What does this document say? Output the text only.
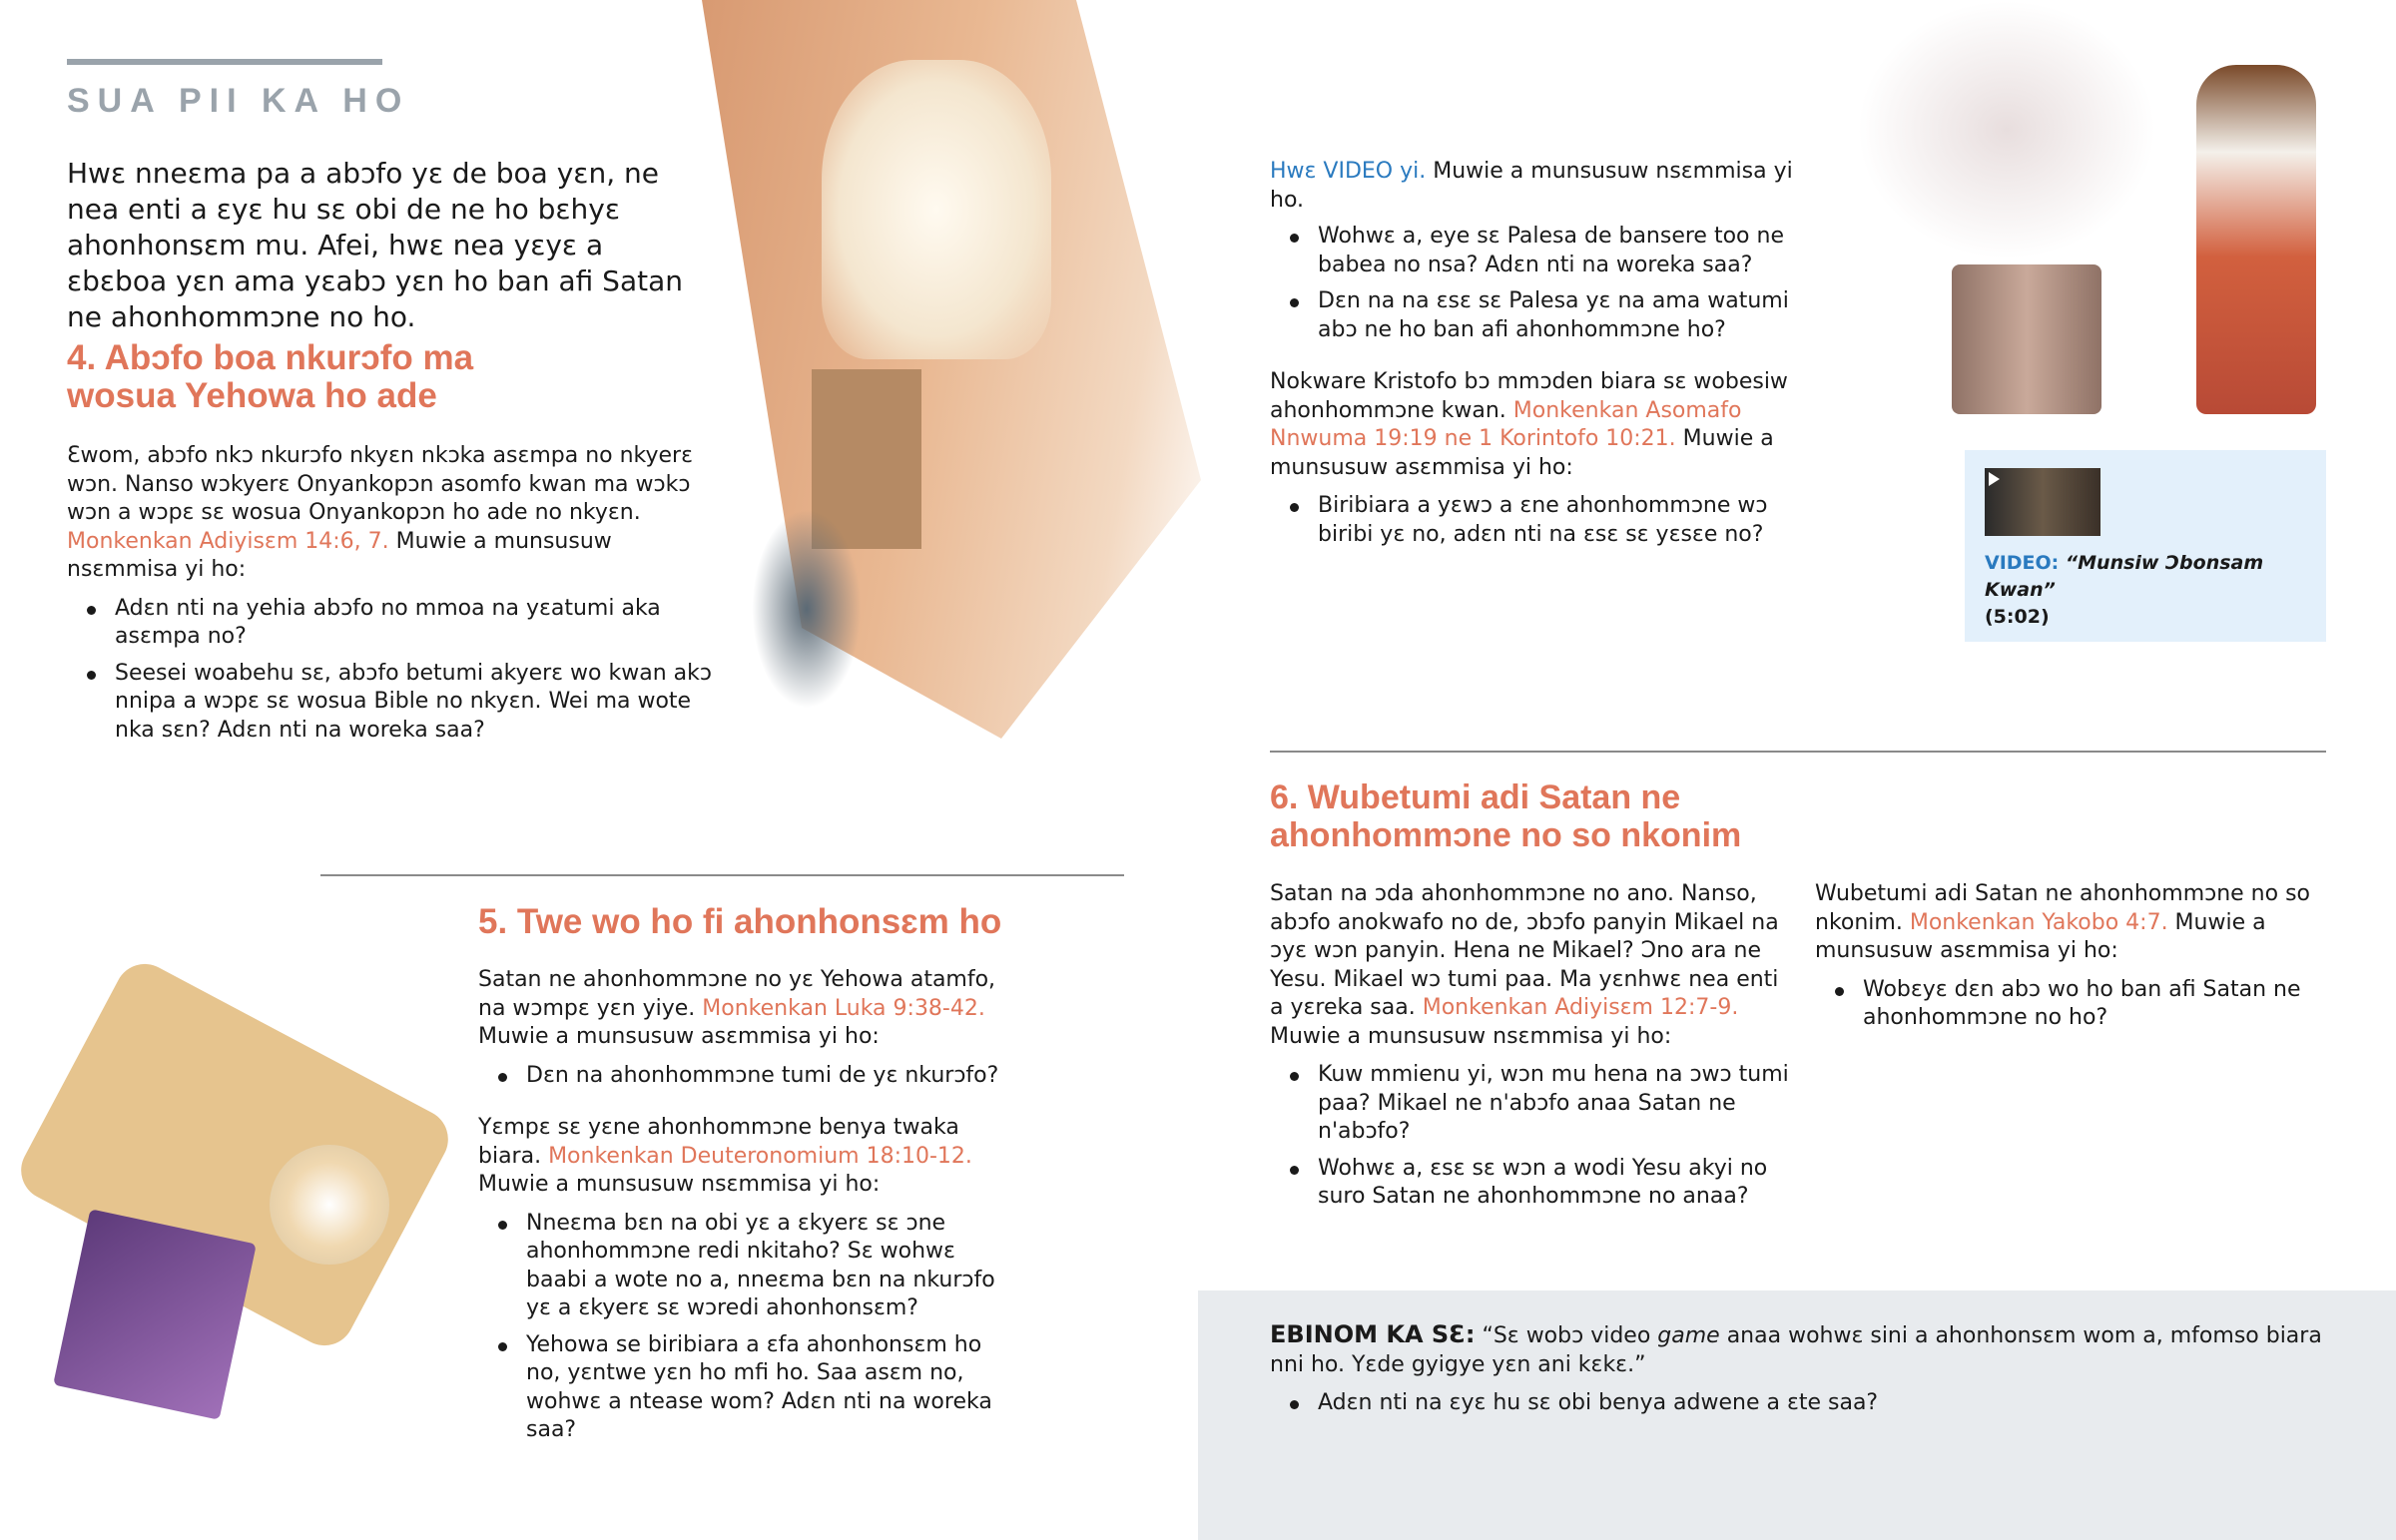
SUA PII KA HO
Hwɛ nneɛma pa a abɔfo yɛ de boa yɛn, ne nea enti a ɛyɛ hu sɛ obi de ne ho bɛhyɛ ahonhonsɛm mu. Afei, hwɛ nea yɛyɛ a ɛbɛboa yɛn ama yɛabɔ yɛn ho ban afi Satan ne ahonhommɔne no ho.
4. Abɔfo boa nkurɔfo ma wosua Yehowa ho ade
Ɛwom, abɔfo nkɔ nkurɔfo nkyɛn nkɔka asɛmpa no nkyerɛ wɔn. Nanso wɔkyerɛ Onyankopɔn asomfo kwan ma wɔkɔ wɔn a wɔpɛ sɛ wosua Onyankopɔn ho ade no nkyɛn. Monkenkan Adiyisɛm 14:6, 7. Muwie a munsusuw nsɛmmisa yi ho:
Adɛn nti na yehia abɔfo no mmoa na yɛatumi aka asɛmpa no?
Seesei woabehu sɛ, abɔfo betumi akyerɛ wo kwan akɔ nnipa a wɔpɛ sɛ wosua Bible no nkyɛn. Wei ma wote nka sɛn? Adɛn nti na woreka saa?
Hwɛ VIDEO yi. Muwie a munsusuw nsɛmmisa yi ho.
Wohwɛ a, eye sɛ Palesa de bansere too ne babea no nsa? Adɛn nti na woreka saa?
Dɛn na na ɛsɛ sɛ Palesa yɛ na ama watumi abɔ ne ho ban afi ahonhommɔne ho?
Nokware Kristofo bɔ mmɔden biara sɛ wobesiw ahonhommɔne kwan. Monkenkan Asomafo Nnwuma 19:19 ne 1 Korintofo 10:21. Muwie a munsusuw asɛmmisa yi ho:
Biribiara a yɛwɔ a ɛne ahonhommɔne wɔ biribi yɛ no, adɛn nti na ɛsɛ sɛ yɛsɛe no?
VIDEO: “Munsiw Ɔbonsam Kwan”
(5:02)
6. Wubetumi adi Satan ne ahonhommɔne no so nkonim
Satan na ɔda ahonhommɔne no ano. Nanso, abɔfo anokwafo no de, ɔbɔfo panyin Mikael na ɔyɛ wɔn panyin. Hena ne Mikael? Ɔno ara ne Yesu. Mikael wɔ tumi paa. Ma yɛnhwɛ nea enti a yɛreka saa. Monkenkan Adiyisɛm 12:7-9. Muwie a munsusuw nsɛmmisa yi ho:
Kuw mmienu yi, wɔn mu hena na ɔwɔ tumi paa? Mikael ne n'abɔfo anaa Satan ne n'abɔfo?
Wohwɛ a, ɛsɛ sɛ wɔn a wodi Yesu akyi no suro Satan ne ahonhommɔne no anaa?
Wubetumi adi Satan ne ahonhommɔne no so nkonim. Monkenkan Yakobo 4:7. Muwie a munsusuw asɛmmisa yi ho:
Wobɛyɛ dɛn abɔ wo ho ban afi Satan ne ahonhommɔne no ho?
5. Twe wo ho fi ahonhonsɛm ho
Satan ne ahonhommɔne no yɛ Yehowa atamfo, na wɔmpɛ yɛn yiye. Monkenkan Luka 9:38-42. Muwie a munsusuw asɛmmisa yi ho:
Dɛn na ahonhommɔne tumi de yɛ nkurɔfo?
Yɛmpɛ sɛ yɛne ahonhommɔne benya twaka biara. Monkenkan Deuteronomium 18:10-12. Muwie a munsusuw nsɛmmisa yi ho:
Nneɛma bɛn na obi yɛ a ɛkyerɛ sɛ ɔne ahonhommɔne redi nkitaho? Sɛ wohwɛ baabi a wote no a, nneɛma bɛn na nkurɔfo yɛ a ɛkyerɛ sɛ wɔredi ahonhonsɛm?
Yehowa se biribiara a ɛfa ahonhonsɛm ho no, yɛntwe yɛn ho mfi ho. Saa asɛm no, wohwɛ a ntease wom? Adɛn nti na woreka saa?
EBINOM KA SƐ: “Sɛ wobɔ video game anaa wohwɛ sini a ahonhonsɛm wom a, mfomso biara nni ho. Yɛde gyigye yɛn ani kɛkɛ.”
Adɛn nti na ɛyɛ hu sɛ obi benya adwene a ɛte saa?
